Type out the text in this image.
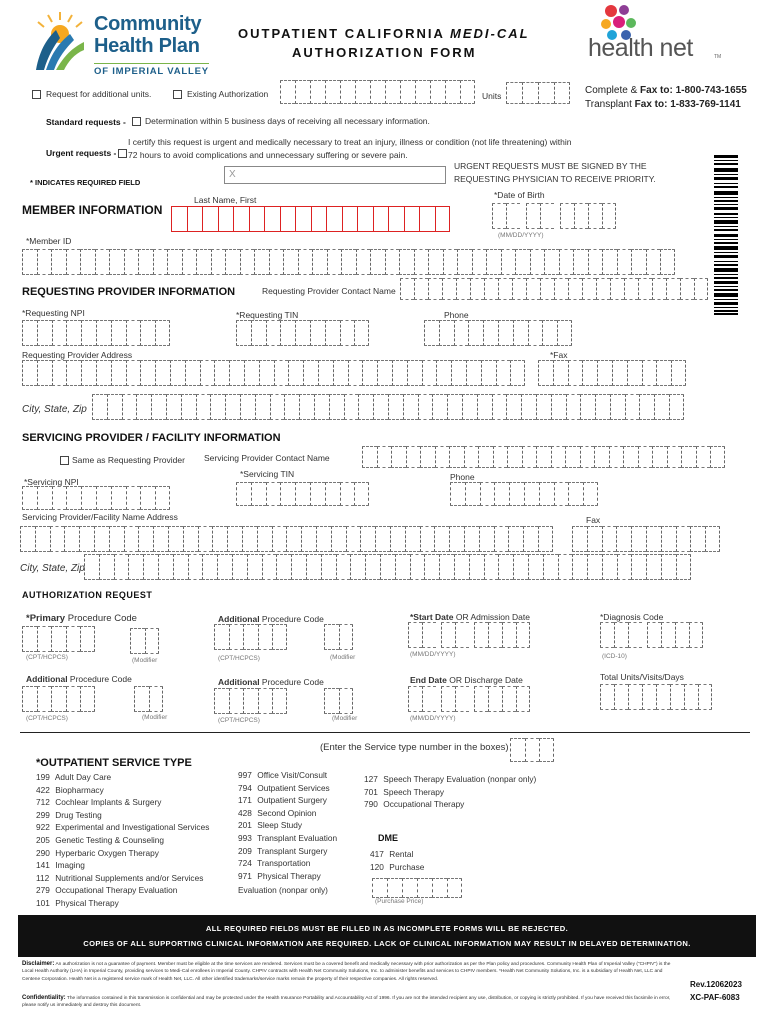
Community
Health Plan
OF IMPERIAL VALLEY
OUTPATIENT CALIFORNIA MEDI-CAL
AUTHORIZATION FORM	health net	TM
Request for additional units.	Existing Authorization	Units	Complete & Fax to: 1-800-743-1655
Transplant Fax to: 1-833-769-1141
Standard requests - Determination within 5 business days of receiving all necessary information.
I certify this request is urgent and medically necessary to treat an injury, illness or condition (not life threatening) within
Urgent requests - 72 hours to avoid complications and unnecessary suffering or severe pain.
X
URGENT REQUESTS MUST BE SIGNED BY THE
REQUESTING PHYSICIAN TO RECEIVE PRIORITY.
* INDICATES REQUIRED FIELD
MEMBER INFORMATION
Last Name, First	*Date of Birth
(MM/DD/YYYY)
*Member ID
REQUESTING PROVIDER INFORMATION	Requesting Provider Contact Name
*Requesting NPI	*Requesting TIN	Phone
Requesting Provider Address	*Fax
City, State, Zip
SERVICING PROVIDER / FACILITY INFORMATION
Same as Requesting Provider Servicing Provider Contact Name
*Servicing TIN
*Servicing NPI	Phone
Servicing Provider/Facility Name Address	Fax
City, State, Zip
AUTHORIZATION REQUEST
*Primary Procedure Code	Additional Procedure Code	*Start Date OR Admission Date	*Diagnosis Code
(CPT/HCPCS)	(Modifier	(CPT/HCPCS)	(Modifier	(MM/DD/YYYY)	(ICD-10)
Additional Procedure Code	Additional Procedure Code	End Date OR Discharge Date	Total Units/Visits/Days
(CPT/HCPCS)	(Modifier	(CPT/HCPCS)	(Modifier	(MM/DD/YYYY)
(Enter the Service type number in the boxes)
*OUTPATIENT SERVICE TYPE
199 Adult Day Care
422 Biopharmacy
712 Cochlear Implants & Surgery
299 Drug Testing
922 Experimental and Investigational Services
205 Genetic Testing & Counseling
290 Hyperbaric Oxygen Therapy
141 Imaging
112 Nutritional Supplements and/or Services
279 Occupational Therapy Evaluation
101 Physical Therapy
997 Office Visit/Consult
794 Outpatient Services
171 Outpatient Surgery
428 Second Opinion
201 Sleep Study
993 Transplant Evaluation
209 Transplant Surgery
724 Transportation
971 Physical Therapy
Evaluation (nonpar only)
127 Speech Therapy Evaluation (nonpar only)
701 Speech Therapy
790 Occupational Therapy
DME
417 Rental
120 Purchase
(Purchase Price)
ALL REQUIRED FIELDS MUST BE FILLED IN AS INCOMPLETE FORMS WILL BE REJECTED.
COPIES OF ALL SUPPORTING CLINICAL INFORMATION ARE REQUIRED. LACK OF CLINICAL INFORMATION MAY RESULT IN DELAYED DETERMINATION.
Disclaimer: An authorization is not a guarantee of payment. Member must be eligible at the time services are rendered. Services must be a covered benefit and medically necessary with prior authorization as per the Plan policy and procedures. Community Health Plan of Imperial Valley ("CHPIV") is the Local Health Authority (LHA) in Imperial County, providing services to Medi-Cal enrollees in Imperial County. CHPIV contracts with Health Net Community Solutions, Inc. to administer benefits and services to CHPIV members. *Health Net Community Solutions, Inc. is a subsidiary of Health Net, LLC and Centene Corporation. Health Net is a registered service mark of Health Net, LLC. All other identified trademarks/service marks remain the property of their respective companies. All rights reserved.
Confidentiality: The information contained in this transmission is confidential and may be protected under the Health Insurance Portability and Accountability Act of 1996. If you are not the intended recipient any use, distribution, or copying is strictly prohibited. If you have received this facsimile in error, please notify us immediately and destroy this document.
Rev.12062023
XC-PAF-6083
